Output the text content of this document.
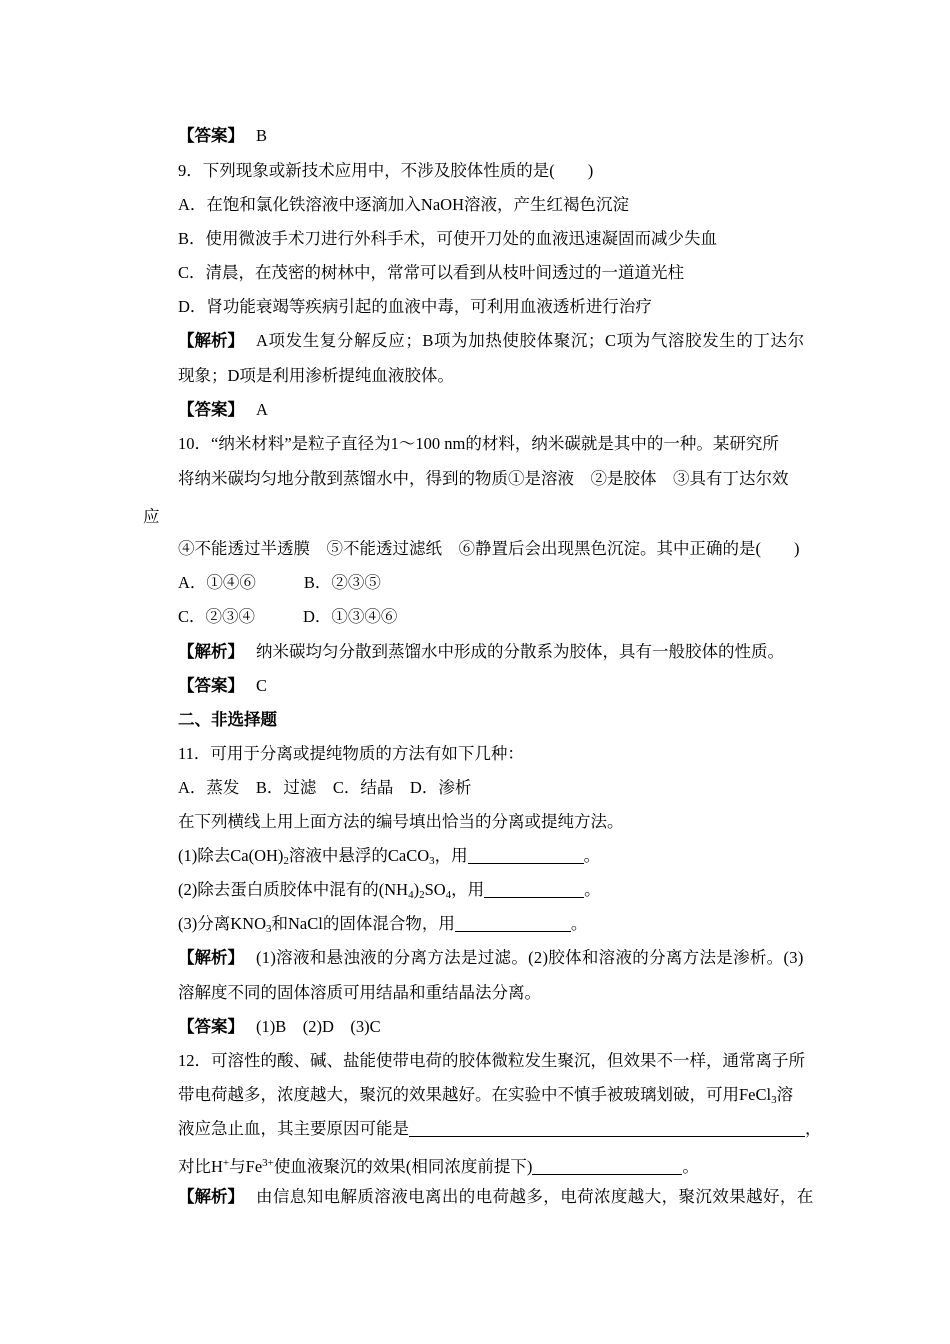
【答案】 B
9．下列现象或新技术应用中，不涉及胶体性质的是(　　)
A．在饱和氯化铁溶液中逐滴加入NaOH溶液，产生红褐色沉淀
B．使用微波手术刀进行外科手术，可使开刀处的血液迅速凝固而减少失血
C．清晨，在茂密的树林中，常常可以看到从枝叶间透过的一道道光柱
D．肾功能衰竭等疾病引起的血液中毒，可利用血液透析进行治疗
【解析】 A项发生复分解反应；B项为加热使胶体聚沉；C项为气溶胶发生的丁达尔
现象；D项是利用渗析提纯血液胶体。
【答案】 A
10．“纳米材料”是粒子直径为1～100 nm的材料，纳米碳就是其中的一种。某研究所
将纳米碳均匀地分散到蒸馏水中，得到的物质①是溶液　②是胶体　③具有丁达尔效
应
④不能透过半透膜　⑤不能透过滤纸　⑥静置后会出现黑色沉淀。其中正确的是(　　)
A．①④⑥	B．②③⑤
C．②③④	D．①③④⑥
【解析】 纳米碳均匀分散到蒸馏水中形成的分散系为胶体，具有一般胶体的性质。
【答案】 C
二、非选择题
11．可用于分离或提纯物质的方法有如下几种：
A．蒸发　B．过滤　C．结晶　D．渗析
在下列横线上用上面方法的编号填出恰当的分离或提纯方法。
(1)除去$Ca(OH)_2$溶液中悬浮的CaCO$_3$，用	。
(2)除去蛋白质胶体中混有的$(NH_4)_2SO_4$，用	。
(3)分离$KNO_3$和NaCl的固体混合物，用	。
【解析】 (1)溶液和悬浊液的分离方法是过滤。(2)胶体和溶液的分离方法是渗析。(3)
溶解度不同的固体溶质可用结晶和重结晶法分离。
【答案】 (1)B　(2)D　(3)C
12．可溶性的酸、碱、盐能使带电荷的胶体微粒发生聚沉，但效果不一样，通常离子所
带电荷越多，浓度越大，聚沉的效果越好。在实验中不慎手被玻璃划破，可用FeCl$_3$溶
液应急止血，其主要原因可能是	，
对比H+与$Fe^{3+}$使血液聚沉的效果(相同浓度前提下)	。
【解析】 由信息知电解质溶液电离出的电荷越多，电荷浓度越大，聚沉效果越好，在
